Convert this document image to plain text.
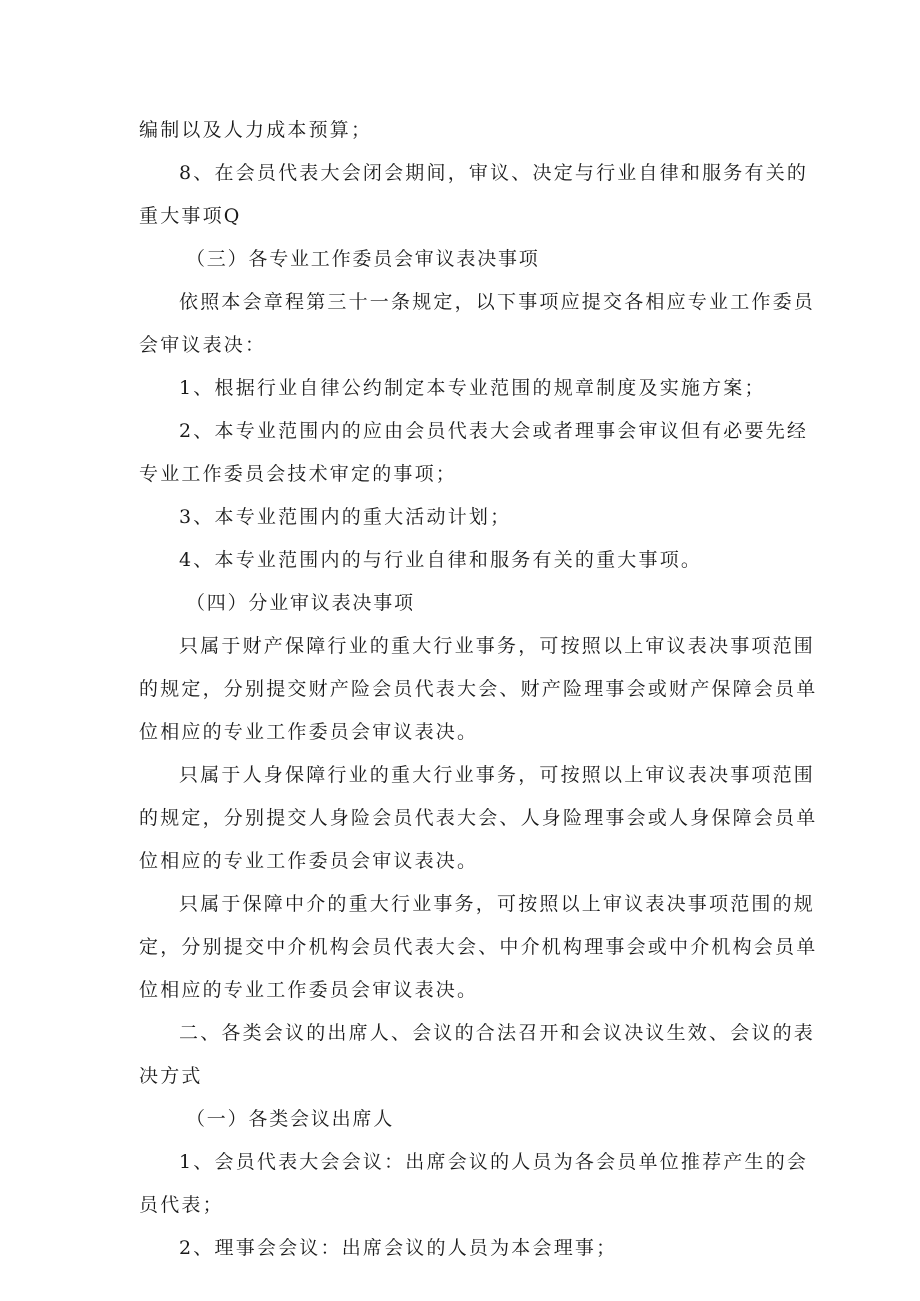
编制以及人力成本预算；
8、在会员代表大会闭会期间，审议、决定与行业自律和服务有关的
重大事项Q
（三）各专业工作委员会审议表决事项
依照本会章程第三十一条规定，以下事项应提交各相应专业工作委员
会审议表决：
1、根据行业自律公约制定本专业范围的规章制度及实施方案；
2、本专业范围内的应由会员代表大会或者理事会审议但有必要先经
专业工作委员会技术审定的事项；
3、本专业范围内的重大活动计划；
4、本专业范围内的与行业自律和服务有关的重大事项。
（四）分业审议表决事项
只属于财产保障行业的重大行业事务，可按照以上审议表决事项范围
的规定，分别提交财产险会员代表大会、财产险理事会或财产保障会员单
位相应的专业工作委员会审议表决。
只属于人身保障行业的重大行业事务，可按照以上审议表决事项范围
的规定，分别提交人身险会员代表大会、人身险理事会或人身保障会员单
位相应的专业工作委员会审议表决。
只属于保障中介的重大行业事务，可按照以上审议表决事项范围的规
定，分别提交中介机构会员代表大会、中介机构理事会或中介机构会员单
位相应的专业工作委员会审议表决。
二、各类会议的出席人、会议的合法召开和会议决议生效、会议的表
决方式
（一）各类会议出席人
1、会员代表大会会议：出席会议的人员为各会员单位推荐产生的会
员代表；
2、理事会会议：出席会议的人员为本会理事；
